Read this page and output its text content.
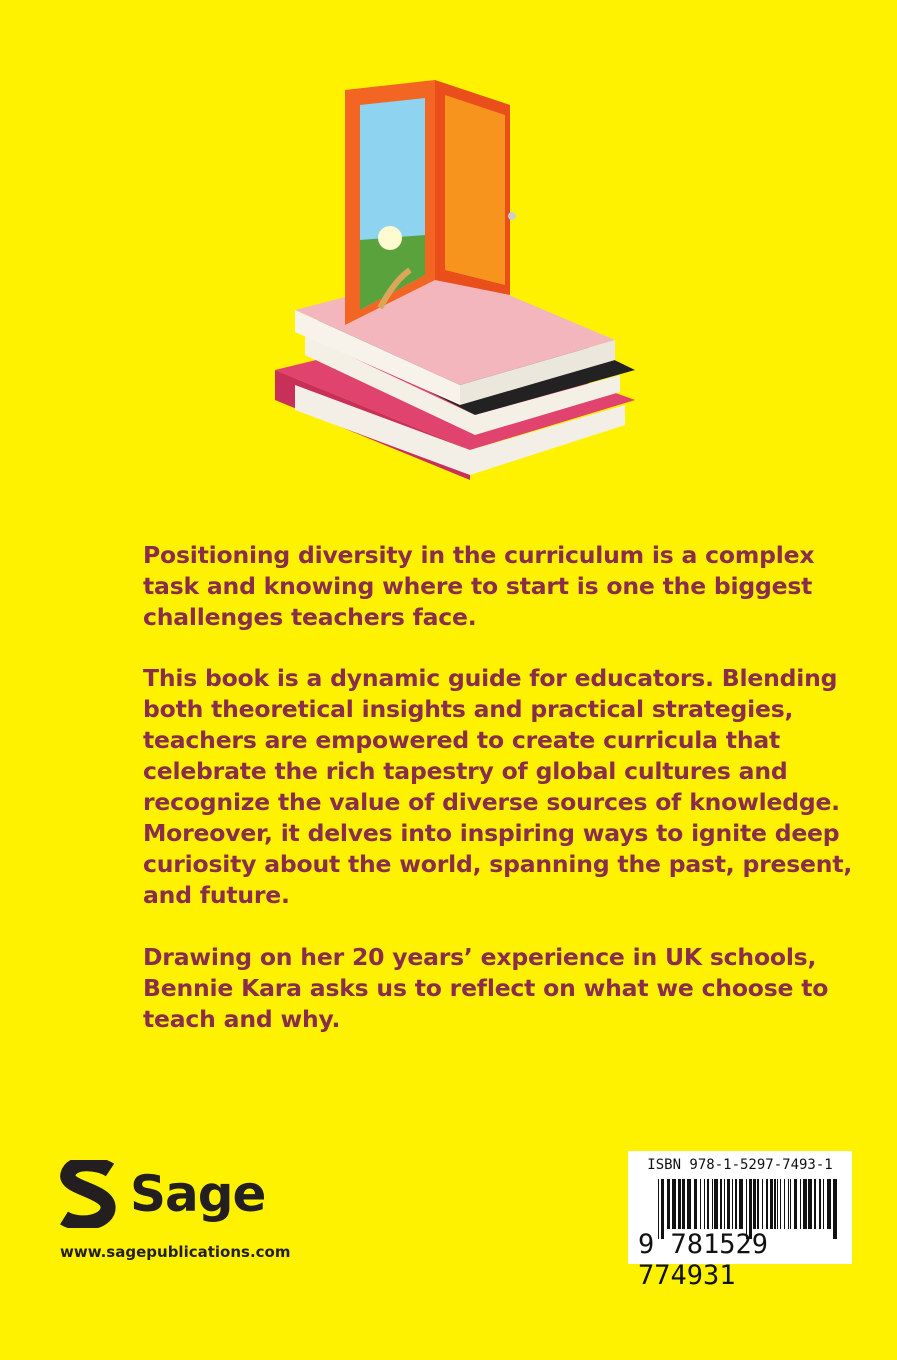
Positioning diversity in the curriculum is a complex
task and knowing where to start is one the biggest
challenges teachers face.
This book is a dynamic guide for educators. Blending
both theoretical insights and practical strategies,
teachers are empowered to create curricula that
celebrate the rich tapestry of global cultures and
recognize the value of diverse sources of knowledge.
Moreover, it delves into inspiring ways to ignite deep
curiosity about the world, spanning the past, present,
and future.
Drawing on her 20 years’ experience in UK schools,
Bennie Kara asks us to reflect on what we choose to
teach and why.
Sage
www.sagepublications.com
ISBN 978-1-5297-7493-1
9 781529 774931
